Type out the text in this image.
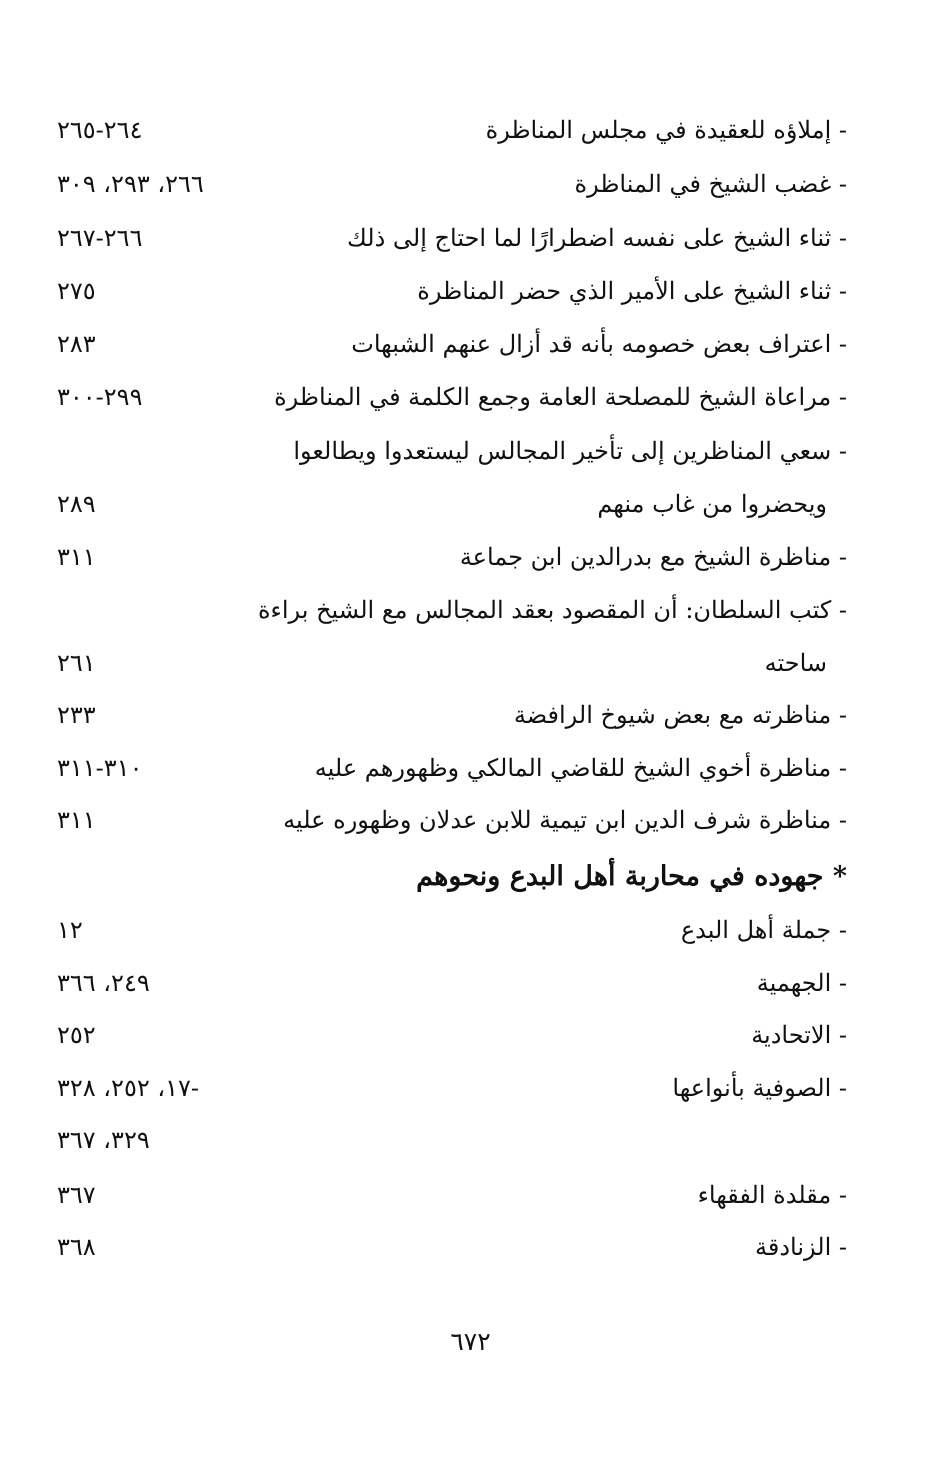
- إملاؤه للعقيدة في مجلس المناظرة
٢٦٤-٢٦٥
- غضب الشيخ في المناظرة
٢٦٦، ٢٩٣، ٣٠٩
- ثناء الشيخ على نفسه اضطرارًا لما احتاج إلى ذلك
٢٦٦-٢٦٧
- ثناء الشيخ على الأمير الذي حضر المناظرة
٢٧٥
- اعتراف بعض خصومه بأنه قد أزال عنهم الشبهات
٢٨٣
- مراعاة الشيخ للمصلحة العامة وجمع الكلمة في المناظرة
٢٩٩-٣٠٠
- سعي المناظرين إلى تأخير المجالس ليستعدوا ويطالعوا
ويحضروا من غاب منهم
٢٨٩
- مناظرة الشيخ مع بدرالدين ابن جماعة
٣١١
- كتب السلطان: أن المقصود بعقد المجالس مع الشيخ براءة
ساحته
٢٦١
- مناظرته مع بعض شيوخ الرافضة
٢٣٣
- مناظرة أخوي الشيخ للقاضي المالكي وظهورهم عليه
٣١٠-٣١١
- مناظرة شرف الدين ابن تيمية للابن عدلان وظهوره عليه
٣١١
* جهوده في محاربة أهل البدع ونحوهم
- جملة أهل البدع
١٢
- الجهمية
٢٤٩، ٣٦٦
- الاتحادية
٢٥٢
- الصوفية بأنواعها
١٧، ٢٥٢، ٣٢٨-
٣٢٩، ٣٦٧
- مقلدة الفقهاء
٣٦٧
- الزنادقة
٣٦٨
٦٧٢
